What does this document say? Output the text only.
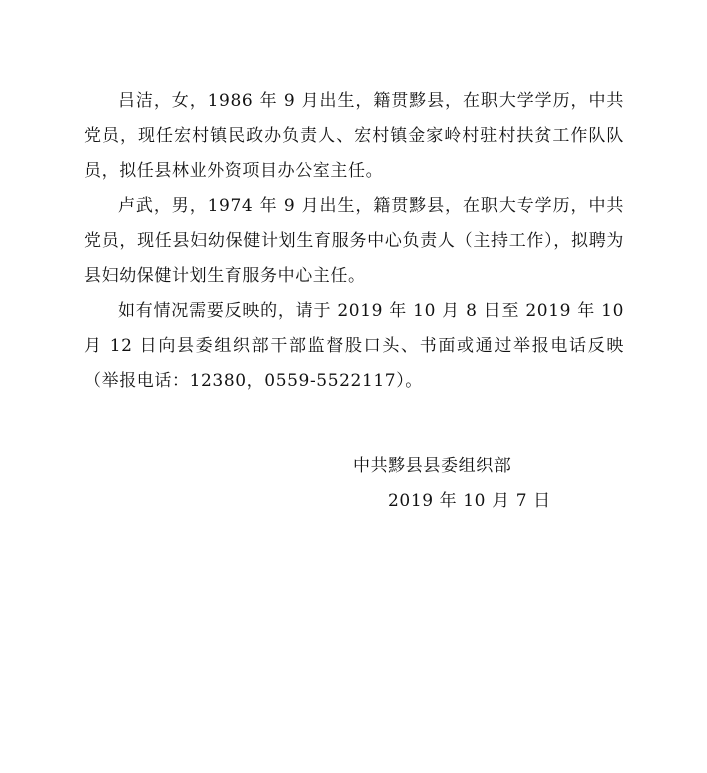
吕洁，女，1986 年 9 月出生，籍贯黟县，在职大学学历，中共党员，现任宏村镇民政办负责人、宏村镇金家岭村驻村扶贫工作队队员，拟任县林业外资项目办公室主任。

卢武，男，1974 年 9 月出生，籍贯黟县，在职大专学历，中共党员，现任县妇幼保健计划生育服务中心负责人（主持工作），拟聘为县妇幼保健计划生育服务中心主任。

如有情况需要反映的，请于 2019 年 10 月 8 日至 2019 年 10 月 12 日向县委组织部干部监督股口头、书面或通过举报电话反映（举报电话：12380，0559-5522117）。

中共黟县县委组织部

2019 年 10 月 7 日
